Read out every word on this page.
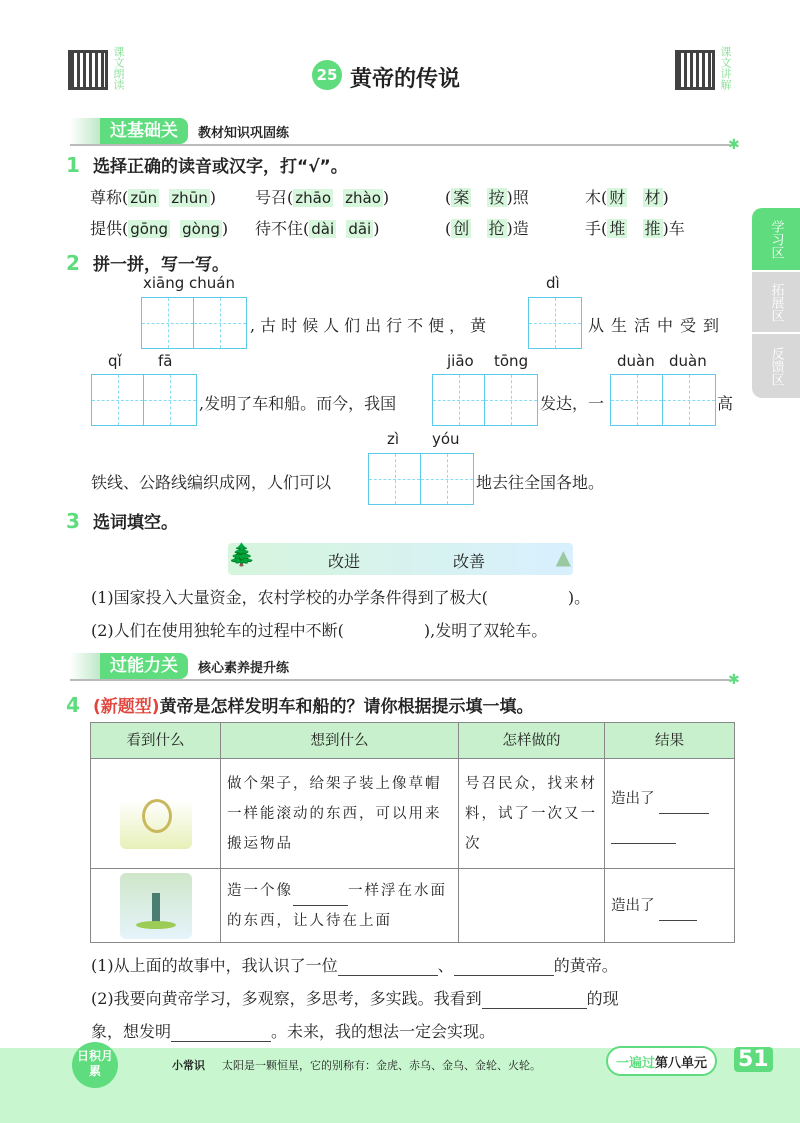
课文朗读	25 黄帝的传说	课文讲解
过基础关	教材知识巩固练
✱
1 选择正确的读音或汉字，打“√”。
尊称( zūn zhūn )	号召( zhāo zhào )	( 案 按 )照	木( 财 材 )
提供( gōng gòng )	待不住( dài dāi )	( 创 抢 )造	手( 堆 推 )车	学习区
拓展区
反馈区
2 拼一拼，写一写。
xiāng chuán
,古时候人们出行不便，黄
dì
从生活中受到
qǐ fā
,发明了车和船。而今，我国
jiāo tōng
发达，一
duàn duàn
高
zì yóu
铁线、公路线编织成网，人们可以	地去往全国各地。
3 选词填空。
🌲	改进	改善	▲
(1)国家投入大量资金，农村学校的办学条件得到了极大(	)。
(2)人们在使用独轮车的过程中不断(	),发明了双轮车。
过能力关	核心素养提升练
✱
4 (新题型)黄帝是怎样发明车和船的？请你根据提示填一填。
看到什么	想到什么	怎样做的	结果

	做个架子，给架子装上像草帽一样能滚动的东西，可以用来搬运物品	号召民众，找来材料，试了一次又一次	造出了

	造一个像 一样浮在水面的东西，让人待在上面		造出了
(1)从上面的故事中，我认识了一位	、	的黄帝。
(2)我要向黄帝学习，多观察，多思考，多实践。我看到	的现
象，想发明	。未来，我的想法一定会实现。
日积月累	小常识 太阳是一颗恒星，它的别称有：金虎、赤乌、金乌、金轮、火轮。	一遍过 第八单元 51
